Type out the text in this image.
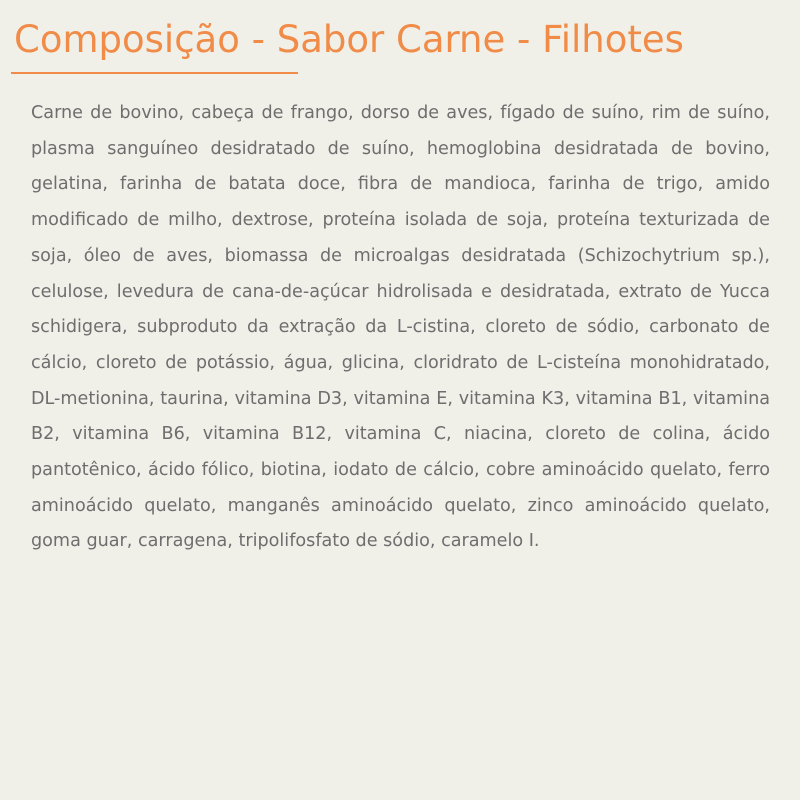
Composição - Sabor Carne - Filhotes

Carne de bovino, cabeça de frango, dorso de aves, fígado de suíno, rim de suíno, plasma sanguíneo desidratado de suíno, hemoglobina desidratada de bovino, gelatina, farinha de batata doce, fibra de mandioca, farinha de trigo, amido modificado de milho, dextrose, proteína isolada de soja, proteína texturizada de soja, óleo de aves, biomassa de microalgas desidratada (Schizochytrium sp.), celulose, levedura de cana-de-açúcar hidrolisada e desidratada, extrato de Yucca schidigera, subproduto da extração da L-cistina, cloreto de sódio, carbonato de cálcio, cloreto de potássio, água, glicina, cloridrato de L-cisteína monohidratado, DL-metionina, taurina, vitamina D3, vitamina E, vitamina K3, vitamina B1, vitamina B2, vitamina B6, vitamina B12, vitamina C, niacina, cloreto de colina, ácido pantotênico, ácido fólico, biotina, iodato de cálcio, cobre aminoácido quelato, ferro aminoácido quelato, manganês aminoácido quelato, zinco aminoácido quelato, goma guar, carragena, tripolifosfato de sódio, caramelo I.
